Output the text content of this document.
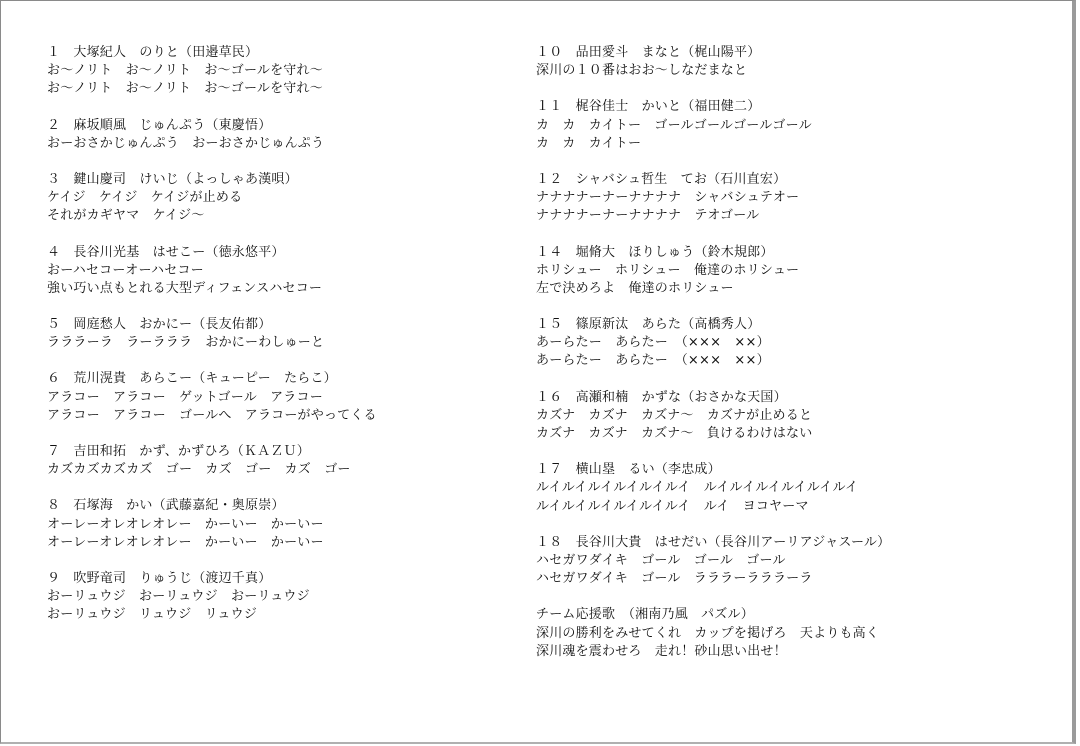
１　大塚紀人　のりと（田邉草民）
お～ノリト　お～ノリト　お～ゴールを守れ～
お～ノリト　お～ノリト　お～ゴールを守れ～
２　麻坂順風　じゅんぷう（東慶悟）
おーおさかじゅんぷう　おーおさかじゅんぷう
３　鍵山慶司　けいじ（よっしゃあ漢唄）
ケイジ　ケイジ　ケイジが止める
それがカギヤマ　ケイジ～
４　長谷川光基　はせこー（徳永悠平）
おーハセコーオーハセコー
強い巧い点もとれる大型ディフェンスハセコー
５　岡庭愁人　おかにー（長友佑都）
ラララーラ　ラーラララ　おかにーわしゅーと
６　荒川滉貴　あらこー（キューピー　たらこ）
アラコー　アラコー　ゲットゴール　アラコー
アラコー　アラコー　ゴールへ　アラコーがやってくる
７　吉田和拓　かず、かずひろ（ＫＡＺＵ）
カズカズカズカズ　ゴー　カズ　ゴー　カズ　ゴー
８　石塚海　かい（武藤嘉紀・奥原崇）
オーレーオレオレオレー　かーいー　かーいー
オーレーオレオレオレー　かーいー　かーいー
９　吹野竜司　りゅうじ（渡辺千真）
おーリュウジ　おーリュウジ　おーリュウジ
おーリュウジ　リュウジ　リュウジ
１０　品田愛斗　まなと（梶山陽平）
深川の１０番はおお～しなだまなと
１１　梶谷佳士　かいと（福田健二）
カ　カ　カイトー　ゴールゴールゴールゴール
カ　カ　カイトー
１２　シャバシュ哲生　てお（石川直宏）
ナナナナーナーナナナナ　シャバシュテオー
ナナナナーナーナナナナ　テオゴール
１４　堀脩大　ほりしゅう（鈴木規郎）
ホリシュー　ホリシュー　俺達のホリシュー
左で決めろよ　俺達のホリシュー
１５　篠原新汰　あらた（高橋秀人）
あーらたー　あらたー　（×××　××）
あーらたー　あらたー　（×××　××）
１６　高瀬和楠　かずな（おさかな天国）
カズナ　カズナ　カズナ～　カズナが止めると
カズナ　カズナ　カズナ～　負けるわけはない
１７　横山塁　るい（李忠成）
ルイルイルイルイルイルイ　ルイルイルイルイルイルイ
ルイルイルイルイルイルイ　ルイ　ヨコヤーマ
１８　長谷川大貴　はせだい（長谷川アーリアジャスール）
ハセガワダイキ　ゴール　ゴール　ゴール
ハセガワダイキ　ゴール　ラララーラララーラ
チーム応援歌　（湘南乃風　パズル）
深川の勝利をみせてくれ　カップを掲げろ　天よりも高く
深川魂を震わせろ　走れ！砂山思い出せ！
